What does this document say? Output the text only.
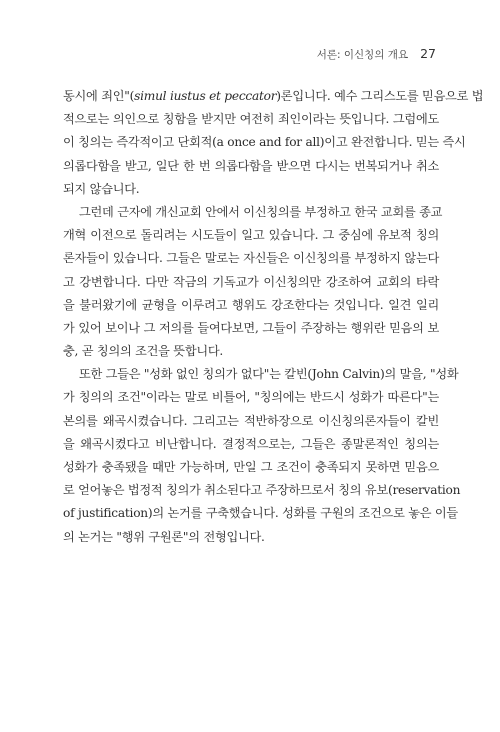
서론: 이신칭의 개요 27
동시에 죄인"(simul iustus et peccator)론입니다. 예수 그리스도를 믿음으로 법
적으로는 의인으로 칭함을 받지만 여전히 죄인이라는 뜻입니다. 그럼에도
이 칭의는 즉각적이고 단회적(a once and for all)이고 완전합니다. 믿는 즉시
의롭다함을 받고, 일단 한 번 의롭다함을 받으면 다시는 번복되거나 취소
되지 않습니다.
그런데 근자에 개신교회 안에서 이신칭의를 부정하고 한국 교회를 종교
개혁 이전으로 돌리려는 시도들이 일고 있습니다. 그 중심에 유보적 칭의
론자들이 있습니다. 그들은 말로는 자신들은 이신칭의를 부정하지 않는다
고 강변합니다. 다만 작금의 기독교가 이신칭의만 강조하여 교회의 타락
을 불러왔기에 균형을 이루려고 행위도 강조한다는 것입니다. 일견 일리
가 있어 보이나 그 저의를 들여다보면, 그들이 주장하는 행위란 믿음의 보
충, 곧 칭의의 조건을 뜻합니다.
또한 그들은 "성화 없인 칭의가 없다"는 칼빈(John Calvin)의 말을, "성화
가 칭의의 조건"이라는 말로 비틀어, "칭의에는 반드시 성화가 따른다"는
본의를 왜곡시켰습니다. 그리고는 적반하장으로 이신칭의론자들이 칼빈
을 왜곡시켰다고 비난합니다. 결정적으로는, 그들은 종말론적인 칭의는
성화가 충족됐을 때만 가능하며, 만일 그 조건이 충족되지 못하면 믿음으
로 얻어놓은 법정적 칭의가 취소된다고 주장하므로서 칭의 유보(reservation
of justification)의 논거를 구축했습니다. 성화를 구원의 조건으로 놓은 이들
의 논거는 "행위 구원론"의 전형입니다.
